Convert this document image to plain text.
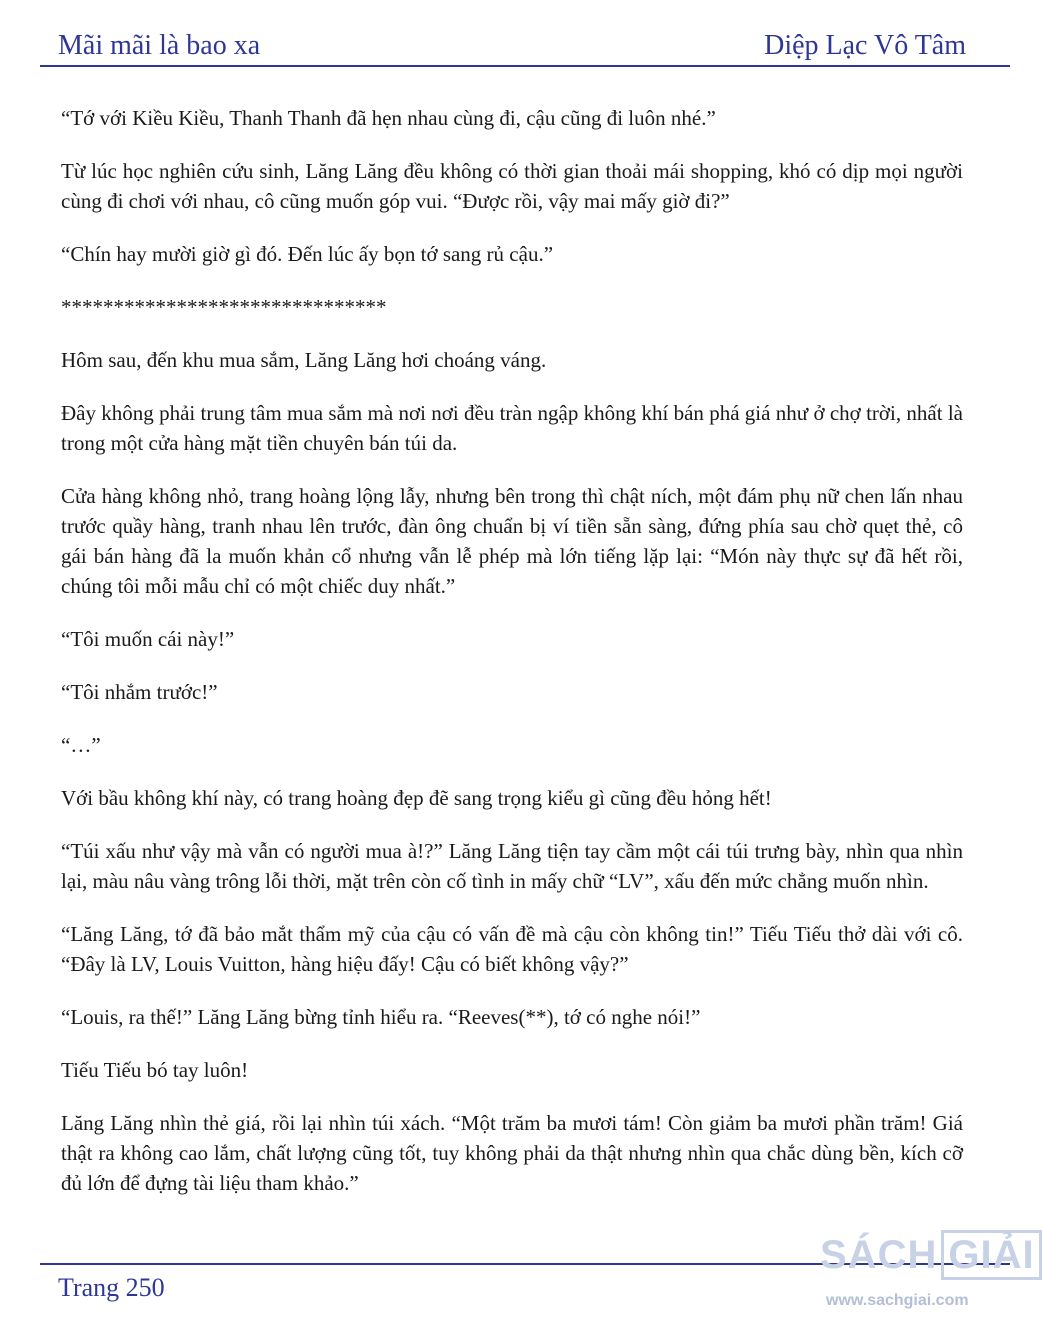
Mãi mãi là bao xa	Diệp Lạc Vô Tâm

“Tớ với Kiều Kiều, Thanh Thanh đã hẹn nhau cùng đi, cậu cũng đi luôn nhé.”

Từ lúc học nghiên cứu sinh, Lăng Lăng đều không có thời gian thoải mái shopping, khó có dịp mọi người cùng đi chơi với nhau, cô cũng muốn góp vui. “Được rồi, vậy mai mấy giờ đi?”

“Chín hay mười giờ gì đó. Đến lúc ấy bọn tớ sang rủ cậu.”

*******************************

Hôm sau, đến khu mua sắm, Lăng Lăng hơi choáng váng.

Đây không phải trung tâm mua sắm mà nơi nơi đều tràn ngập không khí bán phá giá như ở chợ trời, nhất là trong một cửa hàng mặt tiền chuyên bán túi da.

Cửa hàng không nhỏ, trang hoàng lộng lẫy, nhưng bên trong thì chật ních, một đám phụ nữ chen lấn nhau trước quầy hàng, tranh nhau lên trước, đàn ông chuẩn bị ví tiền sẵn sàng, đứng phía sau chờ quẹt thẻ, cô gái bán hàng đã la muốn khản cổ nhưng vẫn lễ phép mà lớn tiếng lặp lại: “Món này thực sự đã hết rồi, chúng tôi mỗi mẫu chỉ có một chiếc duy nhất.”

“Tôi muốn cái này!”

“Tôi nhắm trước!”

“…”

Với bầu không khí này, có trang hoàng đẹp đẽ sang trọng kiểu gì cũng đều hỏng hết!

“Túi xấu như vậy mà vẫn có người mua à!?” Lăng Lăng tiện tay cầm một cái túi trưng bày, nhìn qua nhìn lại, màu nâu vàng trông lỗi thời, mặt trên còn cố tình in mấy chữ “LV”, xấu đến mức chẳng muốn nhìn.

“Lăng Lăng, tớ đã bảo mắt thẩm mỹ của cậu có vấn đề mà cậu còn không tin!” Tiếu Tiếu thở dài với cô. “Đây là LV, Louis Vuitton, hàng hiệu đấy! Cậu có biết không vậy?”

“Louis, ra thế!” Lăng Lăng bừng tỉnh hiểu ra. “Reeves(**), tớ có nghe nói!”

Tiếu Tiếu bó tay luôn!

Lăng Lăng nhìn thẻ giá, rồi lại nhìn túi xách. “Một trăm ba mươi tám! Còn giảm ba mươi phần trăm! Giá thật ra không cao lắm, chất lượng cũng tốt, tuy không phải da thật nhưng nhìn qua chắc dùng bền, kích cỡ đủ lớn để đựng tài liệu tham khảo.”

Trang 250
SÁCH GIẢI
www.sachgiai.com
